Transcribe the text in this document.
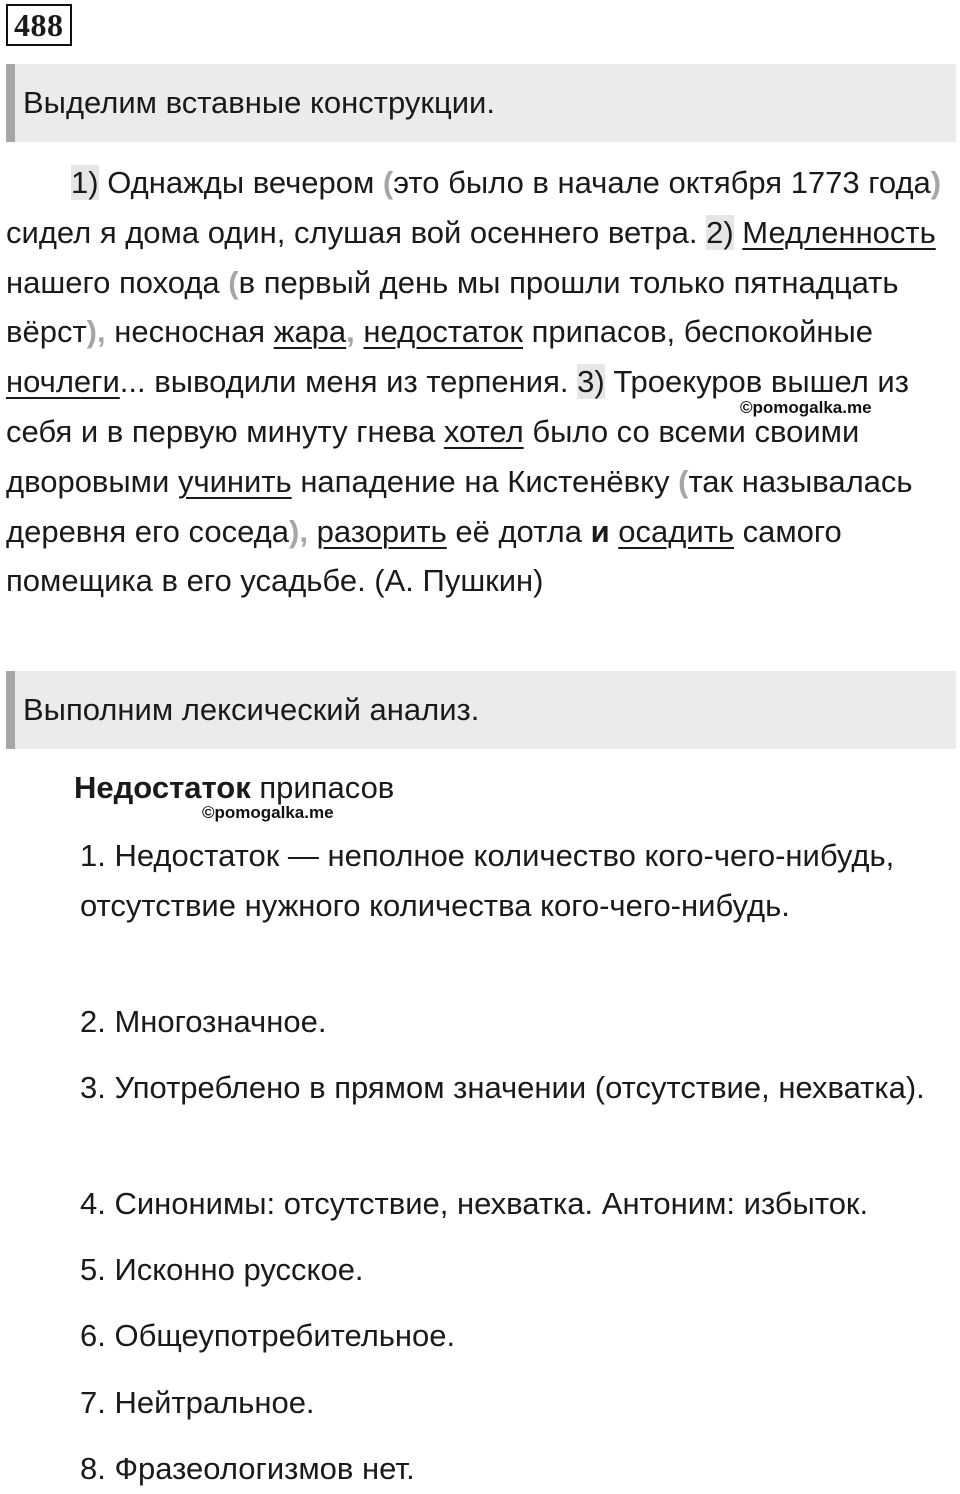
488
Выделим вставные конструкции.
1) Однажды вечером (это было в начале октября 1773 года) сидел я дома один, слушая вой осеннего ветра. 2) Медленность нашего похода (в первый день мы прошли только пятнадцать вёрст), несносная жара, недостаток припасов, беспокойные ночлеги... выводили меня из терпения. 3) Троекуров вышел из себя и в первую минуту гнева хотел было со всеми своими дворовыми учинить нападение на Кистенёвку (так называлась деревня его соседа), разорить её дотла и осадить самого помещика в его усадьбе. (А. Пушкин)
©pomogalka.me
Выполним лексический анализ.
Недостаток припасов
©pomogalka.me
1. Недостаток — неполное количество кого-чего-нибудь, отсутствие нужного количества кого-чего-нибудь.
2. Многозначное.
3. Употреблено в прямом значении (отсутствие, нехватка).
4. Синонимы: отсутствие, нехватка. Антоним: избыток.
5. Исконно русское.
6. Общеупотребительное.
7. Нейтральное.
8. Фразеологизмов нет.
